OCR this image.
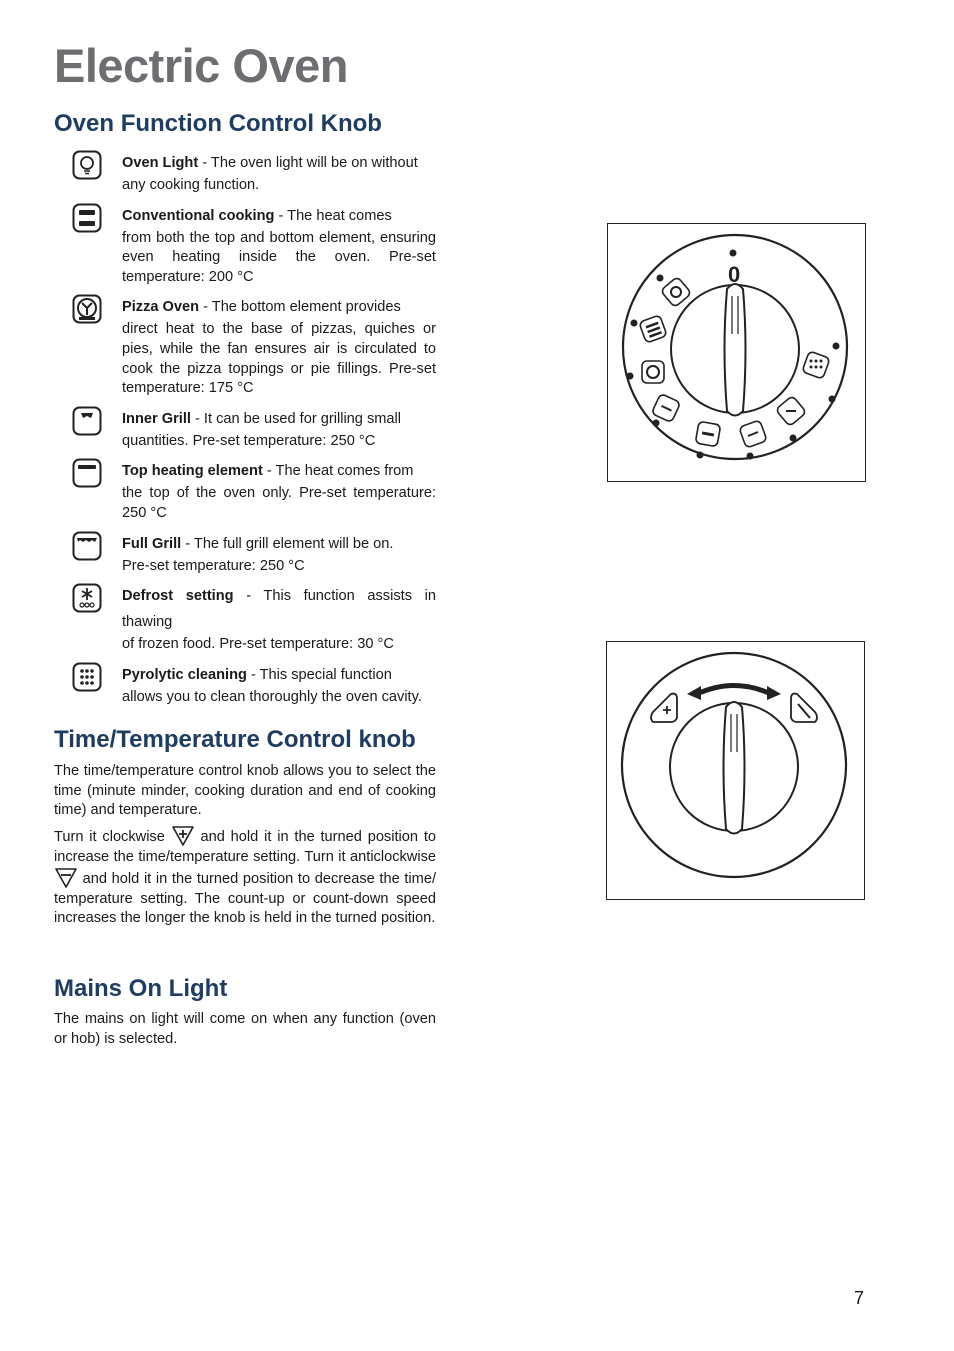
Electric Oven
Oven Function Control Knob

Oven Light - The oven light will be on without
any cooking function.

Conventional cooking - The heat comes
from both the top and bottom element, ensuring even heating inside the oven. Pre-set temperature: 200 °C

Pizza Oven - The bottom element provides
direct heat to the base of pizzas, quiches or pies, while the fan ensures air is circulated to cook the pizza toppings or pie fillings. Pre-set temperature: 175 °C

Inner Grill - It can be used for grilling small
quantities. Pre-set temperature: 250 °C

Top heating element - The heat comes from
the top of the oven only. Pre-set temperature: 250 °C

Full Grill - The full grill element will be on.
Pre-set temperature: 250 °C

Defrost setting - This function assists in thawing
of frozen food. Pre-set temperature: 30 °C

Pyrolytic cleaning - This special function
allows you to clean thoroughly the oven cavity.

Time/Temperature Control knob

The time/temperature control knob allows you to select the time (minute minder, cooking duration and end of cooking time) and temperature.

Turn it clockwise and hold it in the turned position to increase the time/temperature setting. Turn it anticlockwise  and hold it in the turned position to decrease the time/ temperature setting. The count-up or count-down speed increases the longer the knob is held in the turned position.

Mains On Light

The mains on light will come on when any function (oven or hob) is selected.

0
7
